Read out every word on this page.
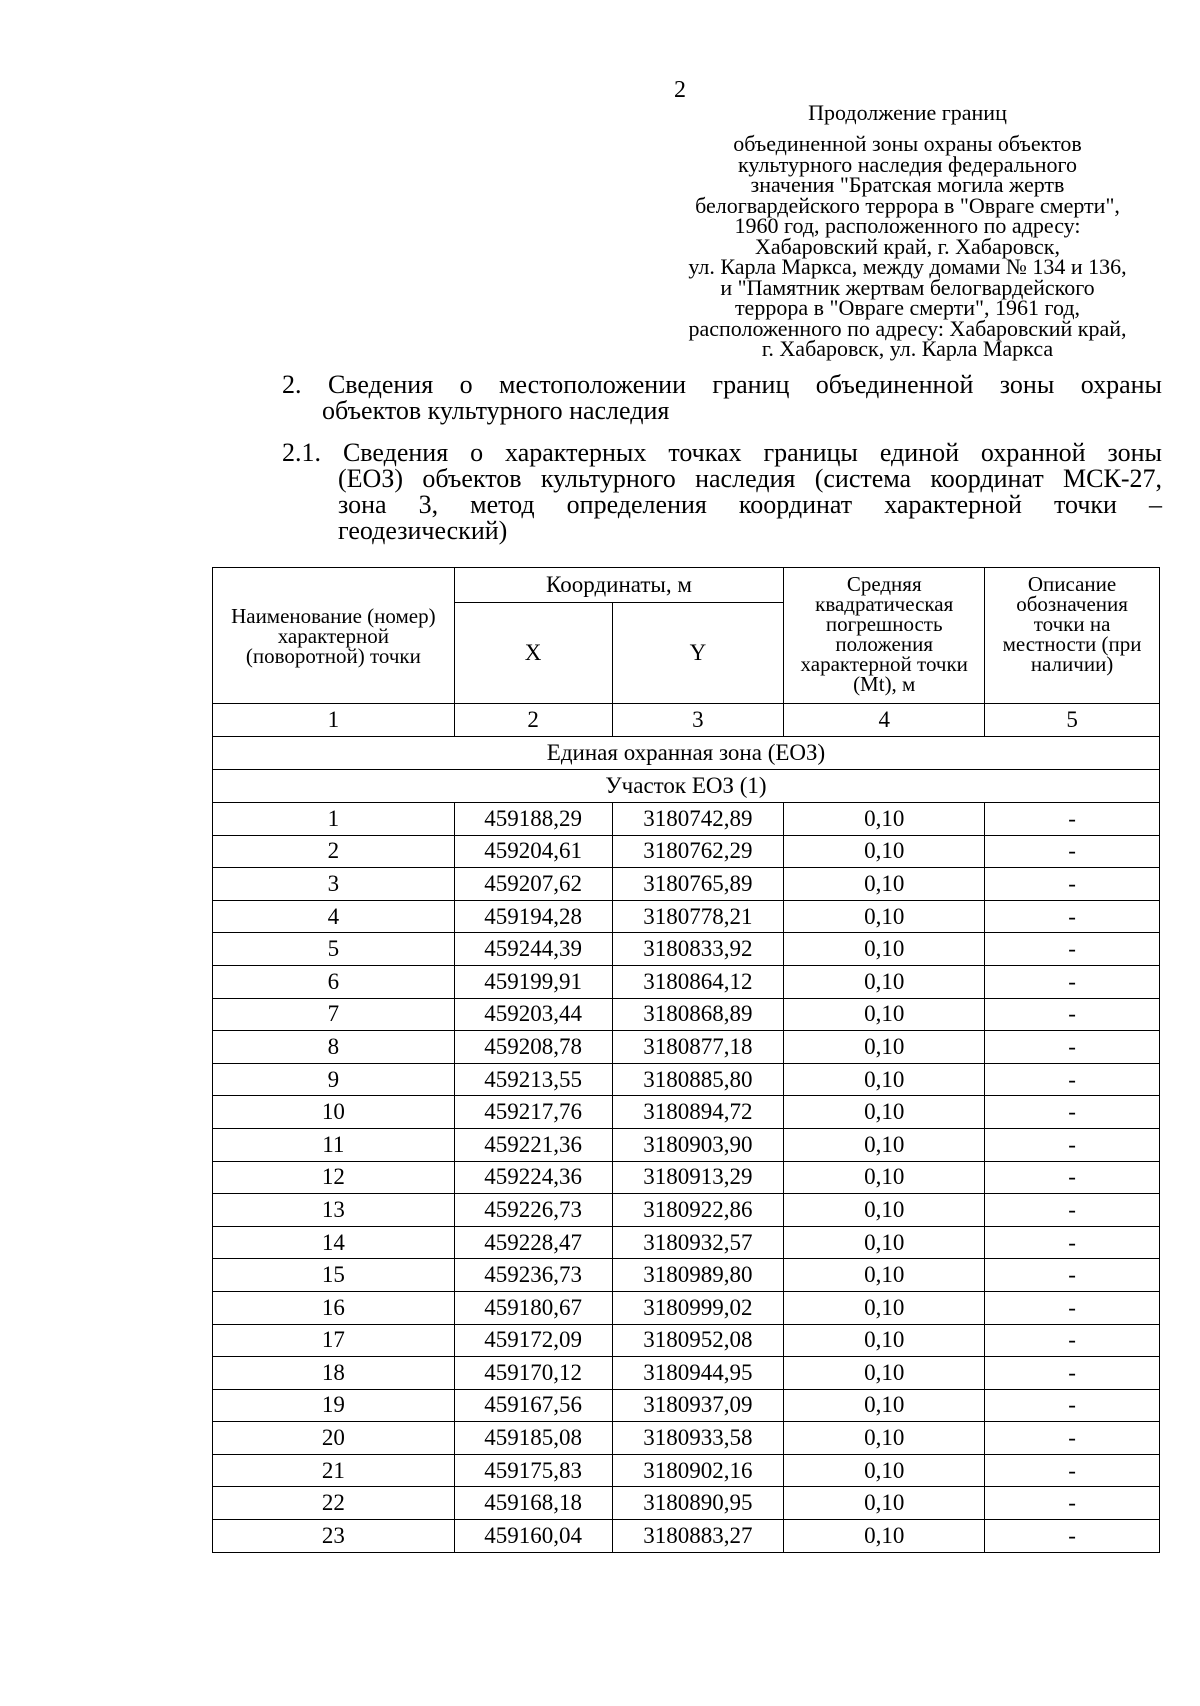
2
Продолжение границ
объединенной зоны охраны объектов
культурного наследия федерального
значения "Братская могила жертв
белогвардейского террора в "Овраге смерти",
1960 год, расположенного по адресу:
Хабаровский край, г. Хабаровск,
ул. Карла Маркса, между домами № 134 и 136,
и "Памятник жертвам белогвардейского
террора в "Овраге смерти", 1961 год,
расположенного по адресу: Хабаровский край,
г. Хабаровск, ул. Карла Маркса
2. Сведения о местоположении границ объединенной зоны охраны
объектов культурного наследия
2.1. Сведения о характерных точках границы единой охранной зоны
(ЕОЗ) объектов культурного наследия (система координат МСК-27,
зона 3, метод определения координат характерной точки –
геодезический)
Наименование (номер) характерной (поворотной) точки	Координаты, м		Средняя квадратическая погрешность положения характерной точки (Mt), м	Описание обозначения точки на местности (при наличии)
	X	Y		
1	2	3	4	5
Единая охранная зона (ЕОЗ)				
Участок ЕОЗ (1)				
1	459188,29	3180742,89	0,10	-
2	459204,61	3180762,29	0,10	-
3	459207,62	3180765,89	0,10	-
4	459194,28	3180778,21	0,10	-
5	459244,39	3180833,92	0,10	-
6	459199,91	3180864,12	0,10	-
7	459203,44	3180868,89	0,10	-
8	459208,78	3180877,18	0,10	-
9	459213,55	3180885,80	0,10	-
10	459217,76	3180894,72	0,10	-
11	459221,36	3180903,90	0,10	-
12	459224,36	3180913,29	0,10	-
13	459226,73	3180922,86	0,10	-
14	459228,47	3180932,57	0,10	-
15	459236,73	3180989,80	0,10	-
16	459180,67	3180999,02	0,10	-
17	459172,09	3180952,08	0,10	-
18	459170,12	3180944,95	0,10	-
19	459167,56	3180937,09	0,10	-
20	459185,08	3180933,58	0,10	-
21	459175,83	3180902,16	0,10	-
22	459168,18	3180890,95	0,10	-
23	459160,04	3180883,27	0,10	-
